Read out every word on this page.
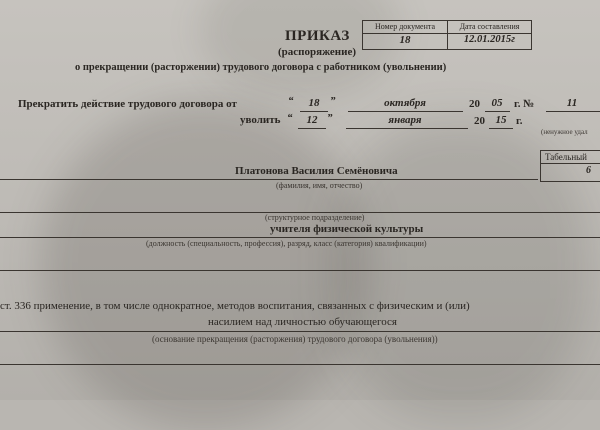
ПРИКАЗ
(распоряжение)
о прекращении (расторжении) трудового договора с работником (увольнении)
Номер документа	Дата составления
18	12.01.2015г
Прекратить действие трудового договора от	“	18 ”	октября	20	05	г. №	11
уволить “	12 ”	января	20 15 г.
(ненужное удал
Табельный
6
Платонова Василия Семёновича
(фамилия, имя, отчество)
(структурное подразделение)
учителя физической культуры
(должность (специальность, профессия), разряд, класс (категория) квалификации)
ст. 336 применение, в том числе однократное, методов воспитания, связанных с физическим и (или)
насилием над личностью обучающегося
(основание прекращения (расторжения) трудового договора (увольнения))
